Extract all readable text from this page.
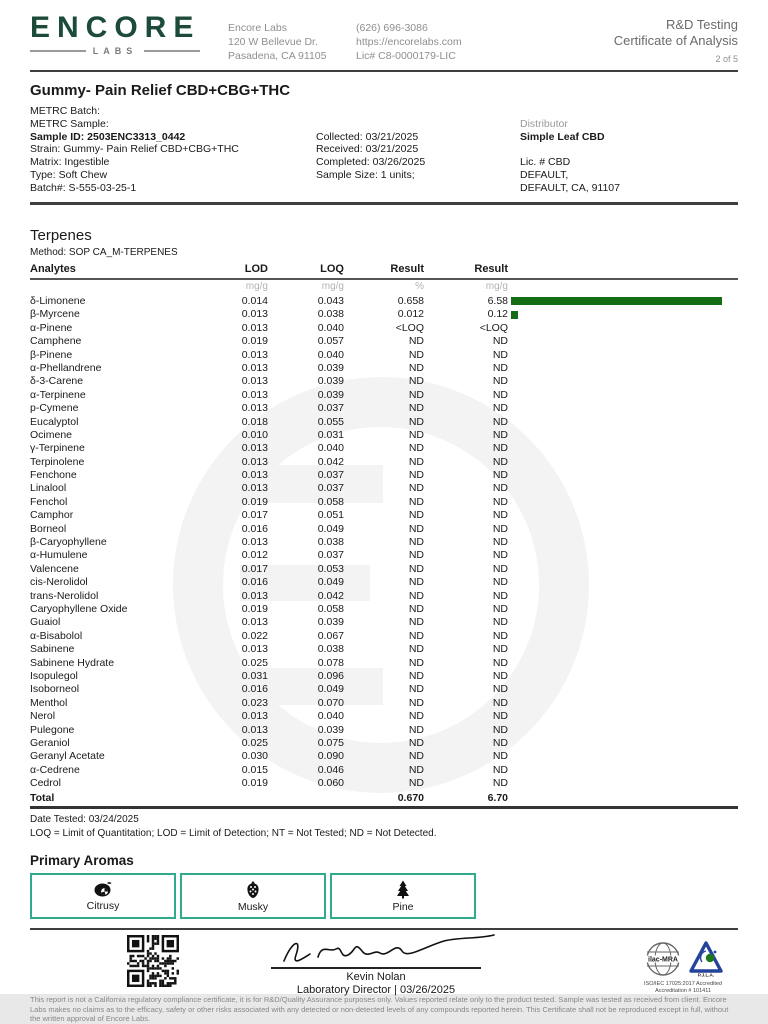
ENCORE
LABS
Encore Labs
120 W Bellevue Dr.
Pasadena, CA 91105
(626) 696-3086
https://encorelabs.com
Lic# C8-0000179-LIC
R&D Testing
Certificate of Analysis
2 of 5
Gummy- Pain Relief CBD+CBG+THC
METRC Batch:
METRC Sample:
Sample ID: 2503ENC3313_0442
Strain: Gummy- Pain Relief CBD+CBG+THC
Matrix: Ingestible
Type: Soft Chew
Batch#: S-555-03-25-1
Collected: 03/21/2025
Received: 03/21/2025
Completed: 03/26/2025
Sample Size: 1 units;
Distributor
Simple Leaf CBD
Lic. # CBD
DEFAULT,
DEFAULT, CA, 91107
Terpenes
Method: SOP CA_M-TERPENES
Analytes	LOD	LOQ	Result	Result	
	mg/g	mg/g	%	mg/g	
δ-Limonene	0.014	0.043	0.658	6.58	
β-Myrcene	0.013	0.038	0.012	0.12	
α-Pinene	0.013	0.040	<LOQ	<LOQ	
Camphene	0.019	0.057	ND	ND	
β-Pinene	0.013	0.040	ND	ND	
α-Phellandrene	0.013	0.039	ND	ND	
δ-3-Carene	0.013	0.039	ND	ND	
α-Terpinene	0.013	0.039	ND	ND	
p-Cymene	0.013	0.037	ND	ND	
Eucalyptol	0.018	0.055	ND	ND	
Ocimene	0.010	0.031	ND	ND	
γ-Terpinene	0.013	0.040	ND	ND	
Terpinolene	0.013	0.042	ND	ND	
Fenchone	0.013	0.037	ND	ND	
Linalool	0.013	0.037	ND	ND	
Fenchol	0.019	0.058	ND	ND	
Camphor	0.017	0.051	ND	ND	
Borneol	0.016	0.049	ND	ND	
β-Caryophyllene	0.013	0.038	ND	ND	
α-Humulene	0.012	0.037	ND	ND	
Valencene	0.017	0.053	ND	ND	
cis-Nerolidol	0.016	0.049	ND	ND	
trans-Nerolidol	0.013	0.042	ND	ND	
Caryophyllene Oxide	0.019	0.058	ND	ND	
Guaiol	0.013	0.039	ND	ND	
α-Bisabolol	0.022	0.067	ND	ND	
Sabinene	0.013	0.038	ND	ND	
Sabinene Hydrate	0.025	0.078	ND	ND	
Isopulegol	0.031	0.096	ND	ND	
Isoborneol	0.016	0.049	ND	ND	
Menthol	0.023	0.070	ND	ND	
Nerol	0.013	0.040	ND	ND	
Pulegone	0.013	0.039	ND	ND	
Geraniol	0.025	0.075	ND	ND	
Geranyl Acetate	0.030	0.090	ND	ND	
α-Cedrene	0.015	0.046	ND	ND	
Cedrol	0.019	0.060	ND	ND	
Total			0.670	6.70	
Date Tested: 03/24/2025
LOQ = Limit of Quantitation; LOD = Limit of Detection; NT = Not Tested; ND = Not Detected.
Primary Aromas
Citrusy	Musky	Pine
Kevin Nolan
Laboratory Director | 03/26/2025
ilac-MRA
P.J.L.A.
ISO/IEC 17025:2017 Accredited
Accreditation # 101411
This report is not a California regulatory compliance certificate, it is for R&D/Quality Assurance purposes only. Values reported relate only to the product tested. Sample was tested as received from client. Encore Labs makes no claims as to the efficacy, safety or other risks associated with any detected or non-detected levels of any compounds reported herein. This Certificate shall not be reproduced except in full, without the written approval of Encore Labs.
